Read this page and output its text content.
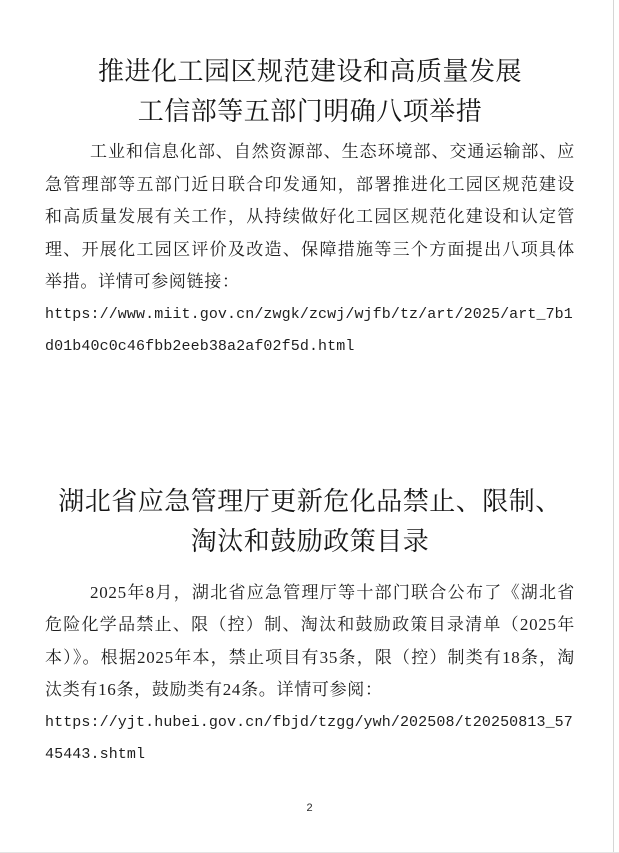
推进化工园区规范建设和高质量发展
工信部等五部门明确八项举措

工业和信息化部、自然资源部、生态环境部、交通运输部、应急管理部等五部门近日联合印发通知，部署推进化工园区规范建设和高质量发展有关工作，从持续做好化工园区规范化建设和认定管理、开展化工园区评价及改造、保障措施等三个方面提出八项具体举措。详情可参阅链接：

https://www.miit.gov.cn/zwgk/zcwj/wjfb/tz/art/2025/art_7b1d01b40c0c46fbb2eeb38a2af02f5d.html

湖北省应急管理厅更新危化品禁止、限制、
淘汰和鼓励政策目录

2025年8月，湖北省应急管理厅等十部门联合公布了《湖北省危险化学品禁止、限（控）制、淘汰和鼓励政策目录清单（2025年本）》。根据2025年本，禁止项目有35条，限（控）制类有18条，淘汰类有16条，鼓励类有24条。详情可参阅：

https://yjt.hubei.gov.cn/fbjd/tzgg/ywh/202508/t20250813_5745443.shtml

2
